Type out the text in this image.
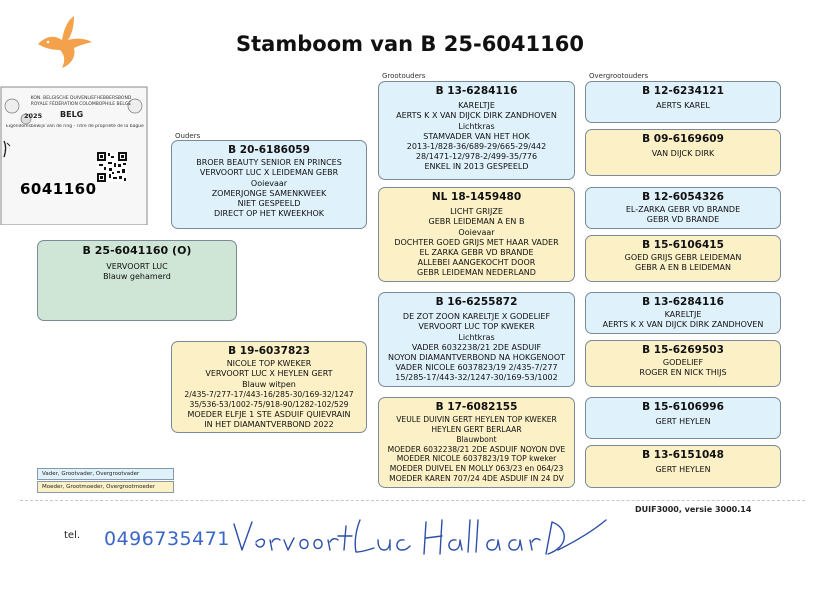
Stamboom van B 25-6041160
Ouders
Grootouders	Overgrootouders
KON. BELGISCHE DUIVENLIEFHEBBERSBOND
ROYALE FÉDÉRATION COLOMBOPHILE BELGE
2025 BELG
Eigendomsbewijs van de ring - Titre de propriété de la bague
6041160
B 25-6041160 (O)
VERVOORT LUC
Blauw gehamerd
B 20-6186059
BROER BEAUTY SENIOR EN PRINCES
VERVOORT LUC X LEIDEMAN GEBR
Ooievaar
ZOMERJONGE SAMENKWEEK
NIET GESPEELD
DIRECT OP HET KWEEKHOK
B 19-6037823
NICOLE TOP KWEKER
VERVOORT LUC X HEYLEN GERT
Blauw witpen
2/435-7/277-17/443-16/285-30/169-32/1247
35/536-53/1002-75/918-90/1282-102/529
MOEDER ELFJE 1 STE ASDUIF QUIEVRAIN
IN HET DIAMANTVERBOND 2022
B 13-6284116
KARELTJE
AERTS K X VAN DIJCK DIRK ZANDHOVEN
Lichtkras
STAMVADER VAN HET HOK
2013-1/828-36/689-29/665-29/442
28/1471-12/978-2/499-35/776
ENKEL IN 2013 GESPEELD
NL 18-1459480
LICHT GRIJZE
GEBR LEIDEMAN A EN B
Ooievaar
DOCHTER GOED GRIJS MET HAAR VADER
EL ZARKA GEBR VD BRANDE
ALLEBEI AANGEKOCHT DOOR
GEBR LEIDEMAN NEDERLAND
B 16-6255872
DE ZOT ZOON KARELTJE X GODELIEF
VERVOORT LUC TOP KWEKER
Lichtkras
VADER 6032238/21 2DE ASDUIF
NOYON DIAMANTVERBOND NA HOKGENOOT
VADER NICOLE 6037823/19 2/435-7/277
15/285-17/443-32/1247-30/169-53/1002
B 17-6082155
VEULE DUIVIN GERT HEYLEN TOP KWEKER
HEYLEN GERT BERLAAR
Blauwbont
MOEDER 6032238/21 2DE ASDUIF NOYON DVE
MOEDER NICOLE 6037823/19 TOP kweker
MOEDER DUIVEL EN MOLLY 063/23 en 064/23
MOEDER KAREN 707/24 4DE ASDUIF IN 24 DV
B 12-6234121
AERTS KAREL
B 09-6169609
VAN DIJCK DIRK
B 12-6054326
EL-ZARKA GEBR VD BRANDE
GEBR VD BRANDE
B 15-6106415
GOED GRIJS GEBR LEIDEMAN
GEBR A EN B LEIDEMAN
B 13-6284116
KARELTJE
AERTS K X VAN DIJCK DIRK ZANDHOVEN
B 15-6269503
GODELIEF
ROGER EN NICK THIJS
B 15-6106996
GERT HEYLEN
B 13-6151048
GERT HEYLEN
Vader, Grootvader, Overgrootvader
Moeder, Grootmoeder, Overgrootmoeder
DUIF3000, versie 3000.14
tel. 0496735471
